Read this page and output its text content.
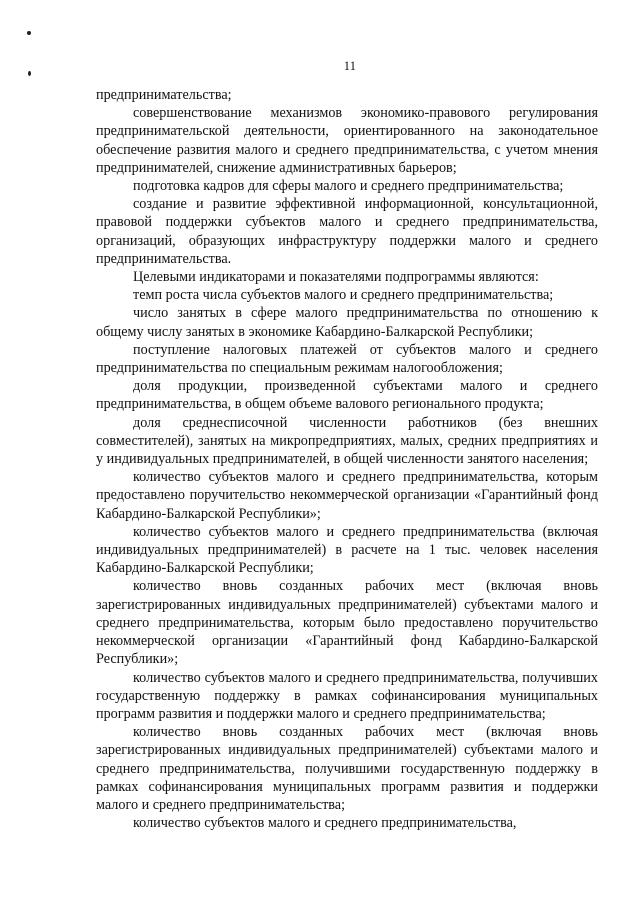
11

предпринимательства;

совершенствование механизмов экономико-правового регулирования предпринимательской деятельности, ориентированного на законодательное обеспечение развития малого и среднего предпринимательства, с учетом мнения предпринимателей, снижение административных барьеров;

подготовка кадров для сферы малого и среднего предпринимательства;

создание и развитие эффективной информационной, консультационной, правовой поддержки субъектов малого и среднего предпринимательства, организаций, образующих инфраструктуру поддержки малого и среднего предпринимательства.

Целевыми индикаторами и показателями подпрограммы являются:

темп роста числа субъектов малого и среднего предпринимательства;

число занятых в сфере малого предпринимательства по отношению к общему числу занятых в экономике Кабардино-Балкарской Республики;

поступление налоговых платежей от субъектов малого и среднего предпринимательства по специальным режимам налогообложения;

доля продукции, произведенной субъектами малого и среднего предпринимательства, в общем объеме валового регионального продукта;

доля среднесписочной численности работников (без внешних совместителей), занятых на микропредприятиях, малых, средних предприятиях и у индивидуальных предпринимателей, в общей численности занятого населения;

количество субъектов малого и среднего предпринимательства, которым предоставлено поручительство некоммерческой организации «Гарантийный фонд Кабардино-Балкарской Республики»;

количество субъектов малого и среднего предпринимательства (включая индивидуальных предпринимателей) в расчете на 1 тыс. человек населения Кабардино-Балкарской Республики;

количество вновь созданных рабочих мест (включая вновь зарегистрированных индивидуальных предпринимателей) субъектами малого и среднего предпринимательства, которым было предоставлено поручительство некоммерческой организации «Гарантийный фонд Кабардино-Балкарской Республики»;

количество субъектов малого и среднего предпринимательства, получивших государственную поддержку в рамках софинансирования муниципальных программ развития и поддержки малого и среднего предпринимательства;

количество вновь созданных рабочих мест (включая вновь зарегистрированных индивидуальных предпринимателей) субъектами малого и среднего предпринимательства, получившими государственную поддержку в рамках софинансирования муниципальных программ развития и поддержки малого и среднего предпринимательства;

количество субъектов малого и среднего предпринимательства,
